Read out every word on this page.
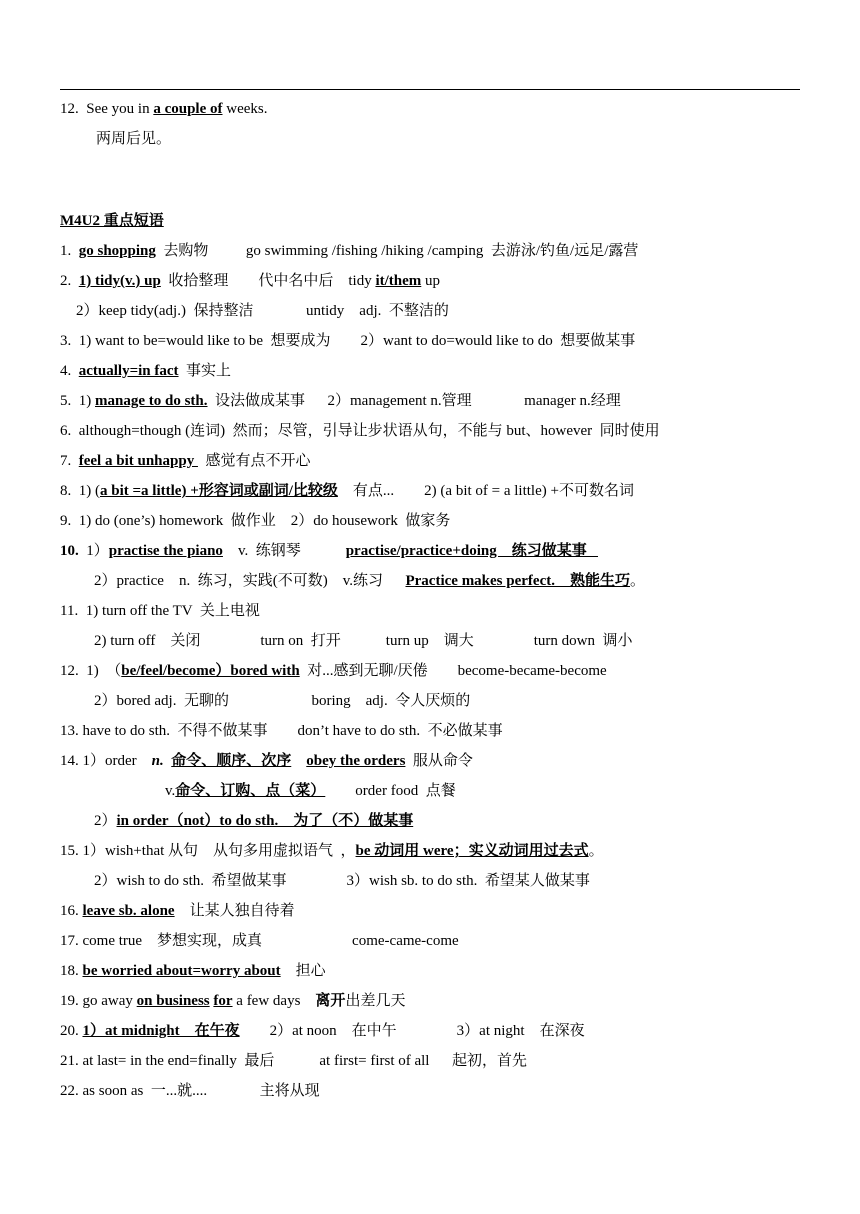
12.  See you in a couple of weeks.
两周后见。
M4U2 重点短语
1.  go shopping  去购物          go swimming /fishing /hiking /camping  去游泳/钓鱼/远足/露营
2.  1) tidy(v.) up  收拾整理        代中名中后    tidy it/them up
2）keep tidy(adj.)  保持整洁              untidy    adj.  不整洁的
3.  1) want to be=would like to be  想要成为        2）want to do=would like to do  想要做某事
4.  actually=in fact  事实上
5.  1) manage to do sth.  设法做成某事      2）management n.管理              manager n.经理
6.  although=though (连词)  然而；尽管，引导让步状语从句，不能与 but、however  同时使用
7.  feel a bit unhappy   感觉有点不开心
8.  1) (a bit =a little) +形容词或副词/比较级    有点...        2) (a bit of = a little) +不可数名词
9.  1) do (one’s) homework  做作业    2）do housework  做家务
10.  1）practise the piano    v.  练钢琴            practise/practice+doing    练习做某事
2）practice    n.  练习，实践(不可数)    v.练习      Practice makes perfect.    熟能生巧。
11.  1) turn off the TV  关上电视
2) turn off    关闭                turn on  打开            turn up    调大                turn down  调小
12.  1)  （be/feel/become）bored with  对...感到无聊/厌倦        become-became-become
2）bored adj.  无聊的                      boring    adj.  令人厌烦的
13. have to do sth.  不得不做某事        don’t have to do sth.  不必做某事
14. 1）order    n. 命令、顺序、次序 obey the orders  服从命令
v.命令、订购、点（菜）        order food  点餐
2）in order（not）to do sth.    为了（不）做某事
15. 1）wish+that 从句    从句多用虚拟语气  ，be 动词用 were；实义动词用过去式。
2）wish to do sth.  希望做某事                3）wish sb. to do sth.  希望某人做某事
16. leave sb. alone    让某人独自待着
17. come true    梦想实现，成真                        come-came-come
18. be worried about=worry about    担心
19. go away on business for a few days    离开出差几天
20. 1）at midnight    在午夜        2）at noon    在中午                3）at night    在深夜
21. at last= in the end=finally  最后            at first= first of all      起初，首先
22. as soon as  一...就....              主将从现
